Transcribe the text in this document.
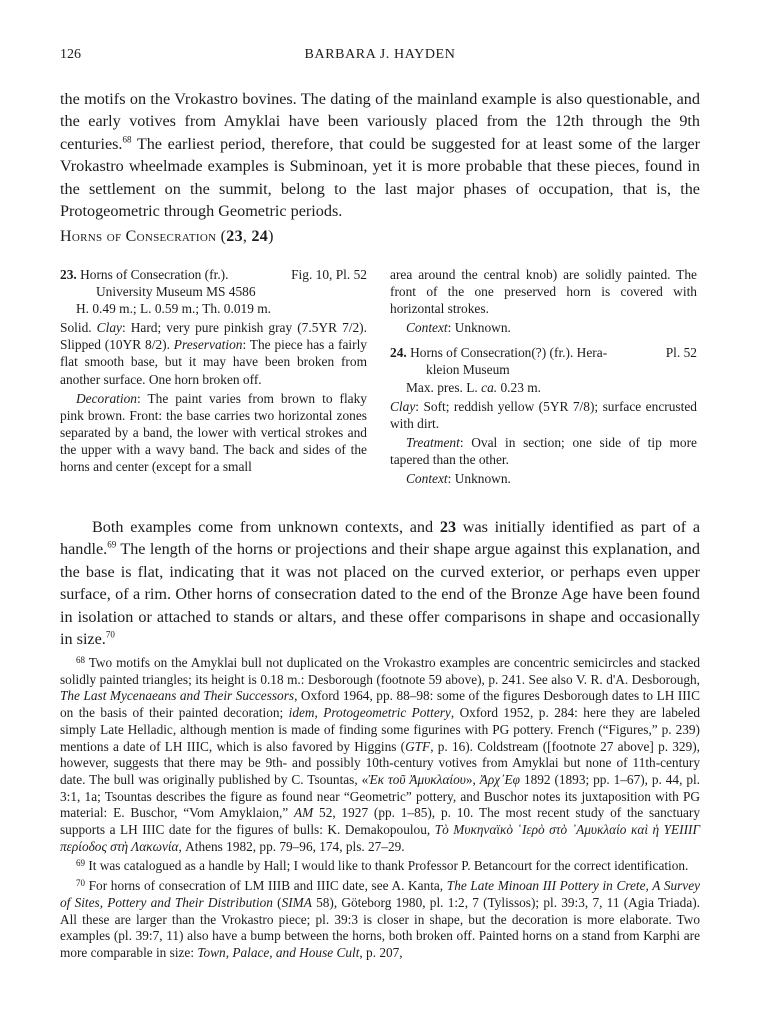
126	BARBARA J. HAYDEN

the motifs on the Vrokastro bovines. The dating of the mainland example is also questionable, and the early votives from Amyklai have been variously placed from the 12th through the 9th centuries.$^{68}$ The earliest period, therefore, that could be suggested for at least some of the larger Vrokastro wheelmade examples is Subminoan, yet it is more probable that these pieces, found in the settlement on the summit, belong to the last major phases of occupation, that is, the Protogeometric through Geometric periods.

Horns of Consecration (23, 24)
23. Horns of Consecration (fr.).	Fig. 10, Pl. 52
University Museum MS 4586

H. 0.49 m.; L. 0.59 m.; Th. 0.019 m.

Solid. Clay: Hard; very pure pinkish gray (7.5YR 7/2). Slipped (10YR 8/2). Preservation: The piece has a fairly flat smooth base, but it may have been broken from another surface. One horn broken off.

Decoration: The paint varies from brown to flaky pink brown. Front: the base carries two horizontal zones separated by a band, the lower with vertical strokes and the upper with a wavy band. The back and sides of the horns and center (except for a small

area around the central knob) are solidly painted. The front of the one preserved horn is covered with horizontal strokes.

Context: Unknown.

24. Horns of Consecration(?) (fr.). Hera-	Pl. 52
kleion Museum

Max. pres. L. ca. 0.23 m.

Clay: Soft; reddish yellow (5YR 7/8); surface encrusted with dirt.

Treatment: Oval in section; one side of tip more tapered than the other.

Context: Unknown.

Both examples come from unknown contexts, and 23 was initially identified as part of a handle.$^{69}$ The length of the horns or projections and their shape argue against this explanation, and the base is flat, indicating that it was not placed on the curved exterior, or perhaps even upper surface, of a rim. Other horns of consecration dated to the end of the Bronze Age have been found in isolation or attached to stands or altars, and these offer comparisons in shape and occasionally in size.$^{70}$

$^{68}$ Two motifs on the Amyklai bull not duplicated on the Vrokastro examples are concentric semicircles and stacked solidly painted triangles; its height is 0.18 m.: Desborough (footnote 59 above), p. 241. See also V. R. d'A. Desborough, The Last Mycenaeans and Their Successors, Oxford 1964, pp. 88–98: some of the figures Desborough dates to LH IIIC on the basis of their painted decoration; idem, Protogeometric Pottery, Oxford 1952, p. 284: here they are labeled simply Late Helladic, although mention is made of finding some figurines with PG pottery. French (“Figures,” p. 239) mentions a date of LH IIIC, which is also favored by Higgins (GTF, p. 16). Coldstream ([footnote 27 above] p. 329), however, suggests that there may be 9th- and possibly 10th-century votives from Amyklai but none of 11th-century date. The bull was originally published by C. Tsountas, «Ἐκ τοῦ Ἀμυκλαίου», Ἀρχ᾽Εφ 1892 (1893; pp. 1–67), p. 44, pl. 3:1, 1a; Tsountas describes the figure as found near “Geometric” pottery, and Buschor notes its juxtaposition with PG material: E. Buschor, “Vom Amyklaion,” AM 52, 1927 (pp. 1–85), p. 10. The most recent study of the sanctuary supports a LH IIIC date for the figures of bulls: K. Demakopoulou, Τὸ Μυκηναϊκὸ ῾Ιερὸ στὸ ᾽Αμυκλαίο καὶ ἡ ΥΕΙΙΙΓ περίοδος στὴ Λακωνία, Athens 1982, pp. 79–96, 174, pls. 27–29.

$^{69}$ It was catalogued as a handle by Hall; I would like to thank Professor P. Betancourt for the correct identification.

$^{70}$ For horns of consecration of LM IIIB and IIIC date, see A. Kanta, The Late Minoan III Pottery in Crete, A Survey of Sites, Pottery and Their Distribution (SIMA 58), Göteborg 1980, pl. 1:2, 7 (Tylissos); pl. 39:3, 7, 11 (Agia Triada). All these are larger than the Vrokastro piece; pl. 39:3 is closer in shape, but the decoration is more elaborate. Two examples (pl. 39:7, 11) also have a bump between the horns, both broken off. Painted horns on a stand from Karphi are more comparable in size: Town, Palace, and House Cult, p. 207,
